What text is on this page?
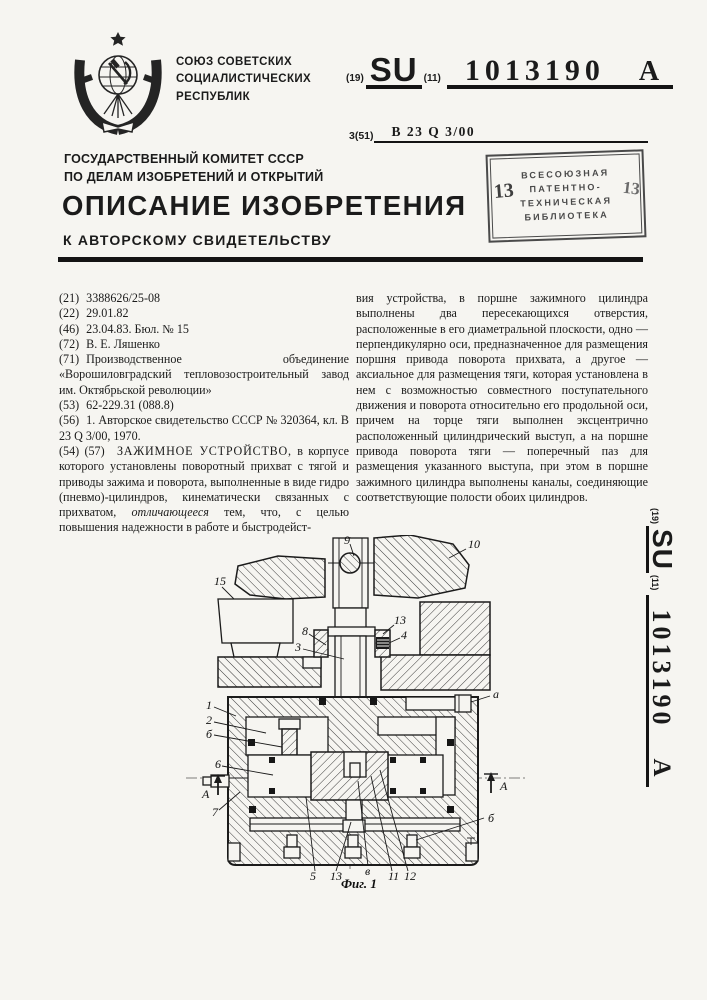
СОЮЗ СОВЕТСКИХ
СОЦИАЛИСТИЧЕСКИХ
РЕСПУБЛИК
ГОСУДАРСТВЕННЫЙ КОМИТЕТ СССР
ПО ДЕЛАМ ИЗОБРЕТЕНИЙ И ОТКРЫТИЙ
(19) SU (11) 1013190 A
3(51)	B 23 Q 3/00
ВСЕСОЮЗНАЯ
ПАТЕНТНО-
ТЕХНИЧЕСКАЯ
БИБЛИОТЕКА
13	13
ОПИСАНИЕ ИЗОБРЕТЕНИЯ
К АВТОРСКОМУ СВИДЕТЕЛЬСТВУ

(21) 3388626/25-08

(22) 29.01.82

(46) 23.04.83. Бюл. № 15

(72) В. Е. Ляшенко

(71) Производственное объединение «Ворошиловградский тепловозостроительный завод им. Октябрьской революции»

(53) 62-229.31 (088.8)

(56) 1. Авторское свидетельство СССР № 320364, кл. В 23 Q 3/00, 1970.

(54) (57) ЗАЖИМНОЕ УСТРОЙСТВО, в корпусе которого установлены поворотный прихват с тягой и приводы зажима и поворота, выполненные в виде гидро (пневмо)-цилиндров, кинематически связанных с прихватом, отличающееся тем, что, с целью повышения надежности в работе и быстродейст-

вия устройства, в поршне зажимного цилиндра выполнены два пересекающихся отверстия, расположенные в его диаметральной плоскости, одно — перпендикулярно оси, предназначенное для размещения поршня привода поворота прихвата, а другое — аксиальное для размещения тяги, которая установлена в нем с возможностью совместного поступательного движения и поворота относительно его продольной оси, причем на торце тяги выполнен эксцентрично расположенный цилиндрический выступ, а на поршне привода поворота тяги — поперечный паз для размещения указанного выступа, при этом в поршне зажимного цилиндра выполнены каналы, соединяющие соответствующие полости обоих цилиндров.

(19)
SU
(11)
1013190
A
9	10
15
8
3
13
4
1
2
б
6
7
а
б
А
А
5 13 в 11 12
Фиг. 1
